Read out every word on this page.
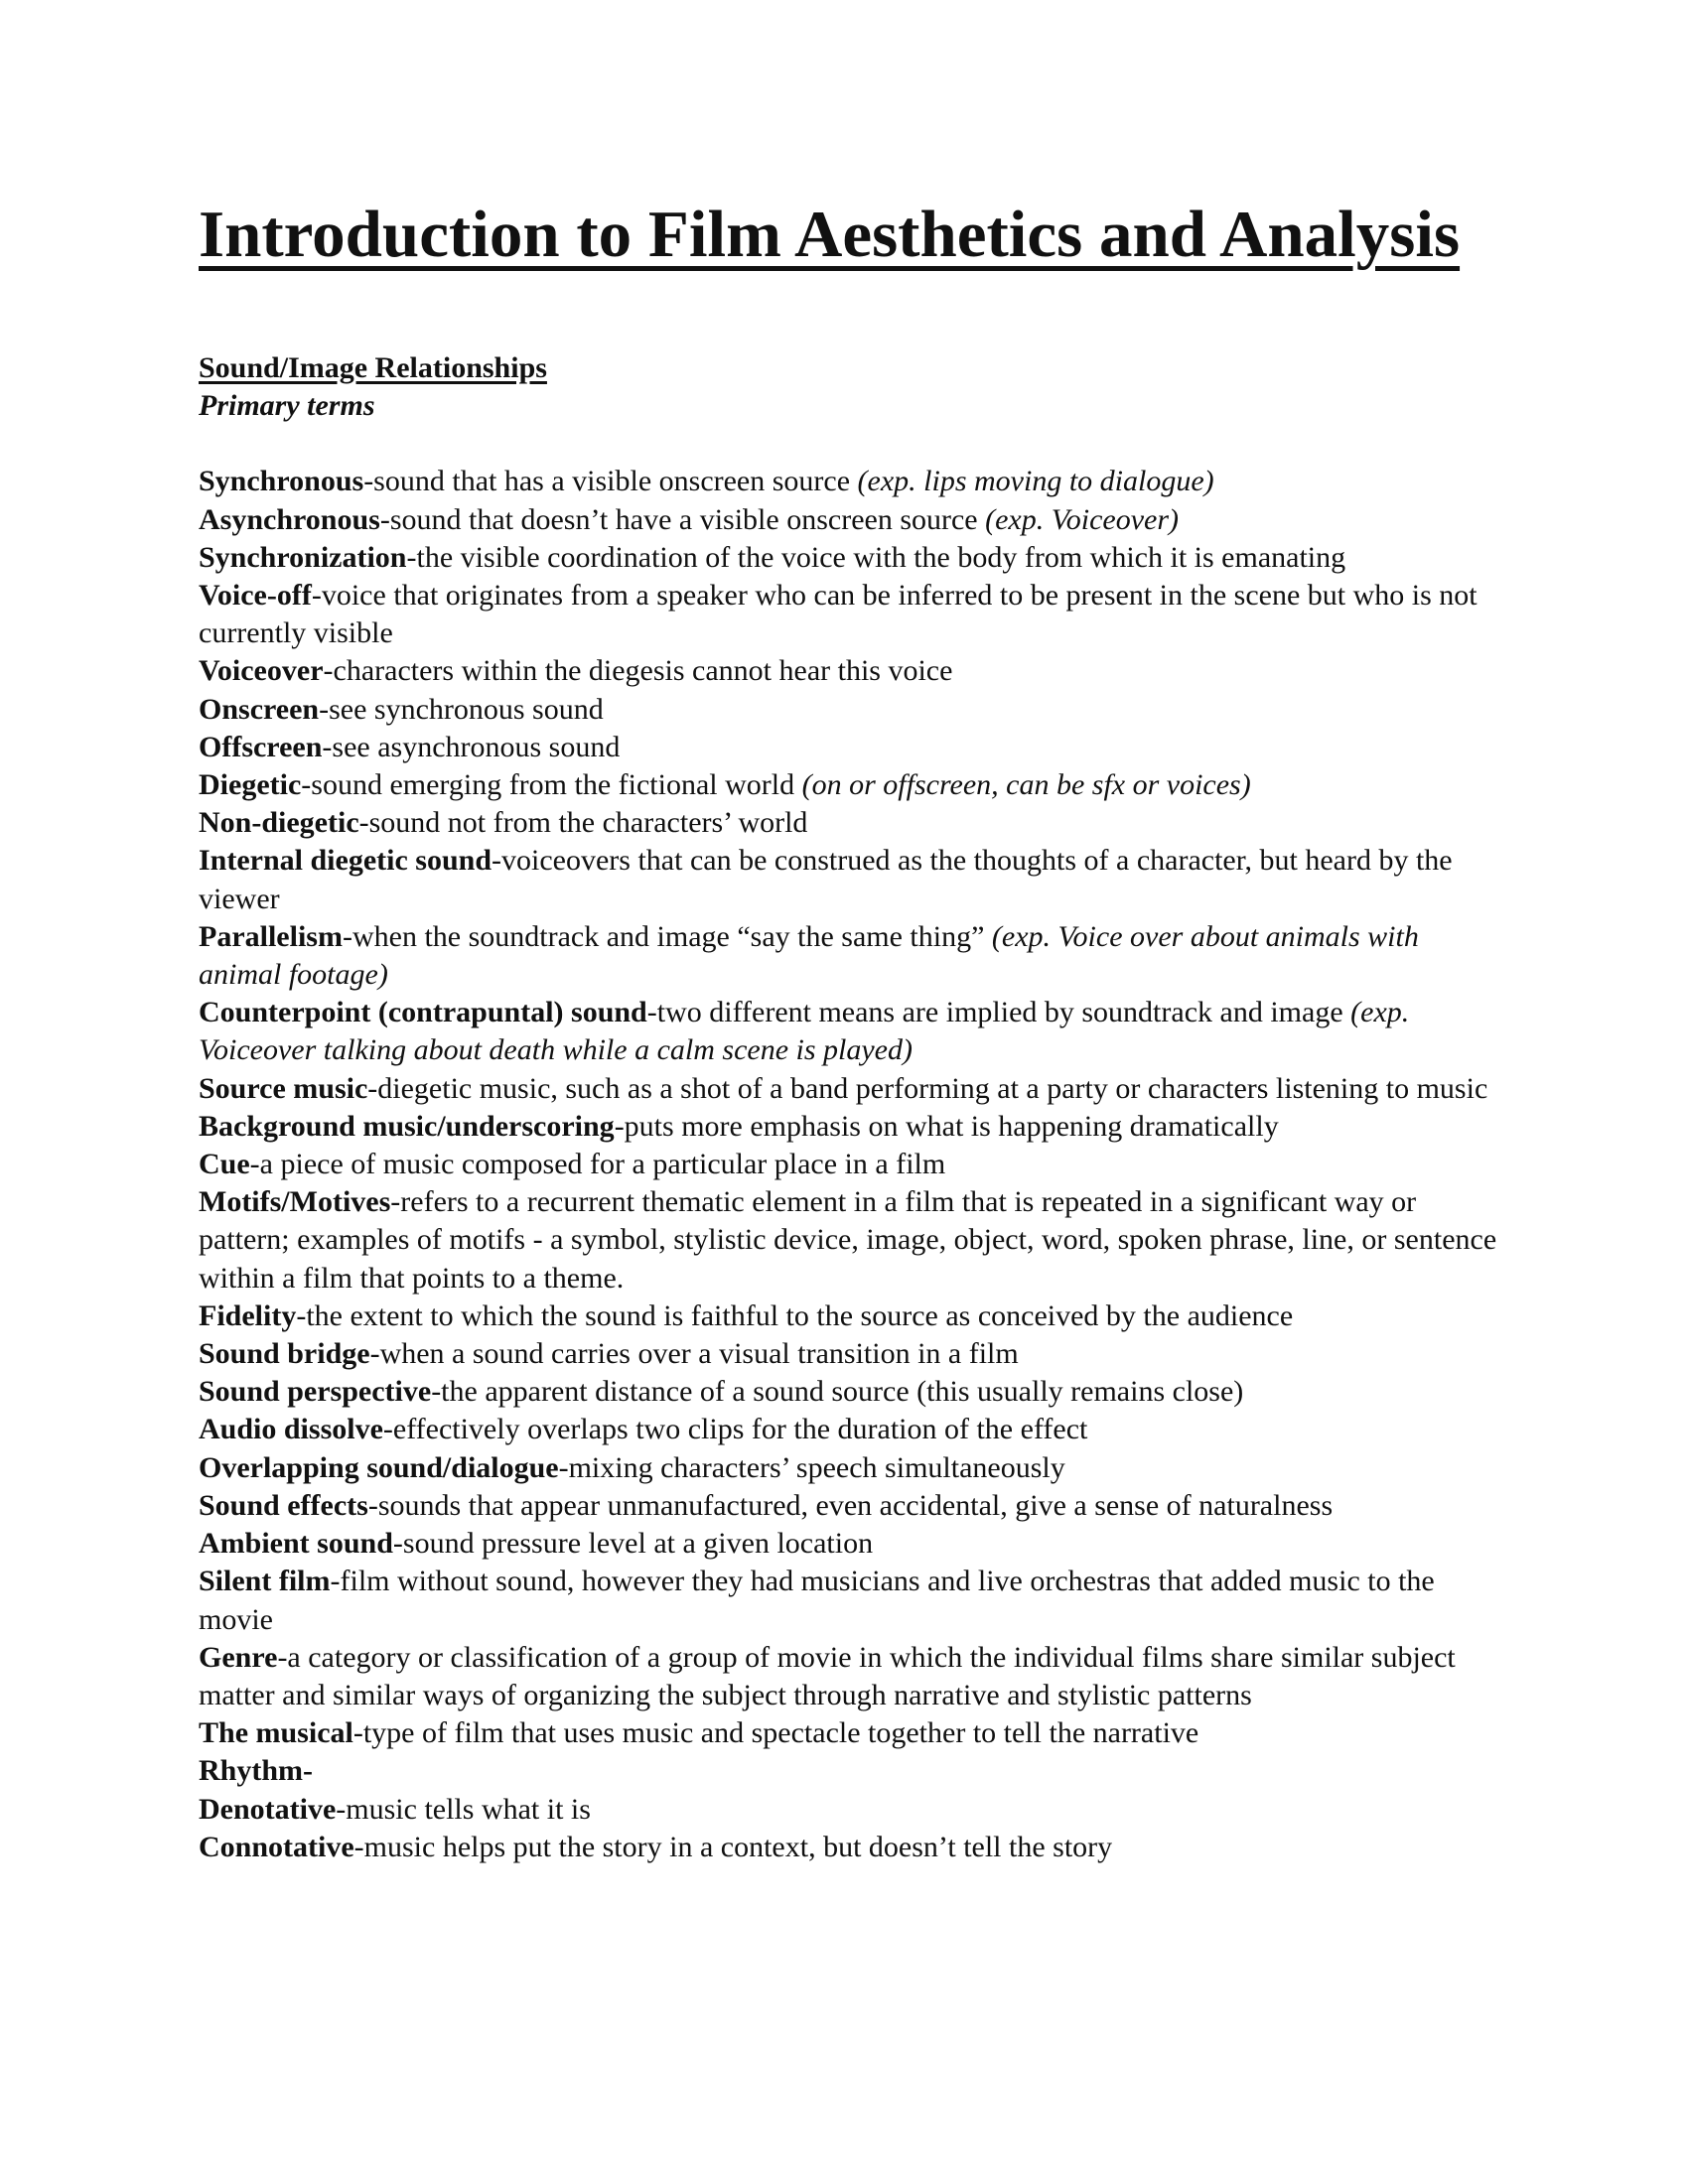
Introduction to Film Aesthetics and Analysis
Sound/Image Relationships
Primary terms
Synchronous-sound that has a visible onscreen source (exp. lips moving to dialogue)
Asynchronous-sound that doesn’t have a visible onscreen source (exp. Voiceover)
Synchronization-the visible coordination of the voice with the body from which it is emanating
Voice-off-voice that originates from a speaker who can be inferred to be present in the scene but who is not currently visible
Voiceover-characters within the diegesis cannot hear this voice
Onscreen-see synchronous sound
Offscreen-see asynchronous sound
Diegetic-sound emerging from the fictional world (on or offscreen, can be sfx or voices)
Non-diegetic-sound not from the characters’ world
Internal diegetic sound-voiceovers that can be construed as the thoughts of a character, but heard by the viewer
Parallelism-when the soundtrack and image “say the same thing” (exp. Voice over about animals with animal footage)
Counterpoint (contrapuntal) sound-two different means are implied by soundtrack and image (exp. Voiceover talking about death while a calm scene is played)
Source music-diegetic music, such as a shot of a band performing at a party or characters listening to music
Background music/underscoring-puts more emphasis on what is happening dramatically
Cue-a piece of music composed for a particular place in a film
Motifs/Motives-refers to a recurrent thematic element in a film that is repeated in a significant way or pattern; examples of motifs - a symbol, stylistic device, image, object, word, spoken phrase, line, or sentence within a film that points to a theme.
Fidelity-the extent to which the sound is faithful to the source as conceived by the audience
Sound bridge-when a sound carries over a visual transition in a film
Sound perspective-the apparent distance of a sound source (this usually remains close)
Audio dissolve-effectively overlaps two clips for the duration of the effect
Overlapping sound/dialogue-mixing characters’ speech simultaneously
Sound effects-sounds that appear unmanufactured, even accidental, give a sense of naturalness
Ambient sound-sound pressure level at a given location
Silent film-film without sound, however they had musicians and live orchestras that added music to the movie
Genre-a category or classification of a group of movie in which the individual films share similar subject matter and similar ways of organizing the subject through narrative and stylistic patterns
The musical-type of film that uses music and spectacle together to tell the narrative
Rhythm-
Denotative-music tells what it is
Connotative-music helps put the story in a context, but doesn’t tell the story
